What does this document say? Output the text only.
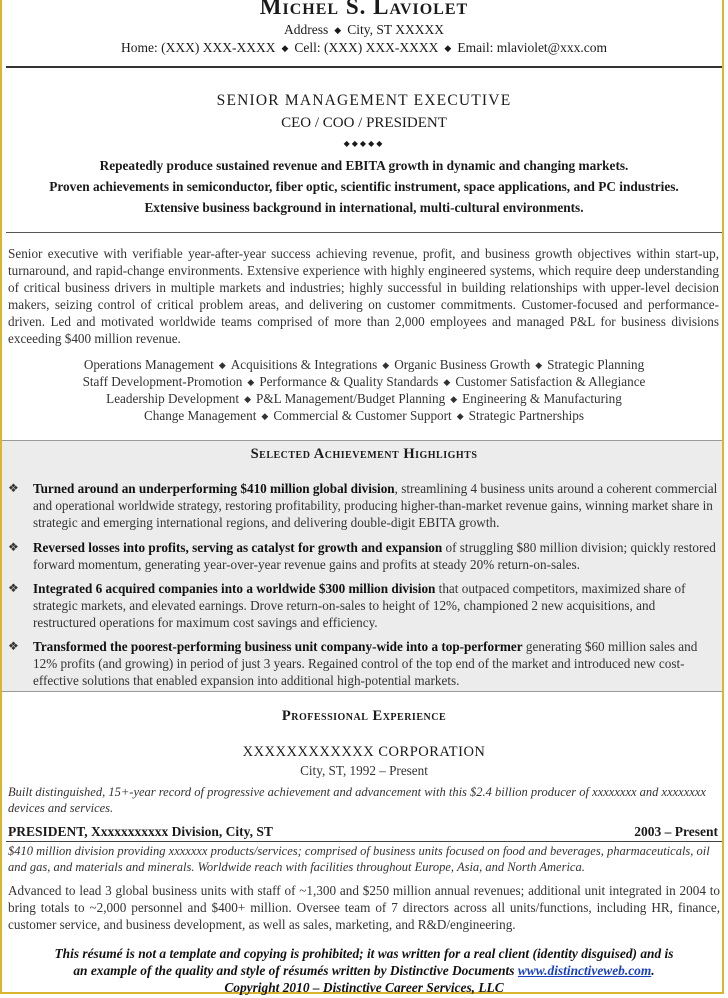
Michel S. Laviolet
Address ◆ City, ST XXXXX
Home: (XXX) XXX-XXXX ◆ Cell: (XXX) XXX-XXXX ◆ Email: mlaviolet@xxx.com
SENIOR MANAGEMENT EXECUTIVE
CEO / COO / PRESIDENT
◆◆◆◆◆
Repeatedly produce sustained revenue and EBITA growth in dynamic and changing markets.
Proven achievements in semiconductor, fiber optic, scientific instrument, space applications, and PC industries.
Extensive business background in international, multi-cultural environments.
Senior executive with verifiable year-after-year success achieving revenue, profit, and business growth objectives within start-up, turnaround, and rapid-change environments. Extensive experience with highly engineered systems, which require deep understanding of critical business drivers in multiple markets and industries; highly successful in building relationships with upper-level decision makers, seizing control of critical problem areas, and delivering on customer commitments. Customer-focused and performance-driven. Led and motivated worldwide teams comprised of more than 2,000 employees and managed P&L for business divisions exceeding $400 million revenue.
Operations Management ◆ Acquisitions & Integrations ◆ Organic Business Growth ◆ Strategic Planning
Staff Development-Promotion ◆ Performance & Quality Standards ◆ Customer Satisfaction & Allegiance
Leadership Development ◆ P&L Management/Budget Planning ◆ Engineering & Manufacturing
Change Management ◆ Commercial & Customer Support ◆ Strategic Partnerships
Selected Achievement Highlights
❖ Turned around an underperforming $410 million global division, streamlining 4 business units around a coherent commercial and operational worldwide strategy, restoring profitability, producing higher-than-market revenue gains, winning market share in strategic and emerging international regions, and delivering double-digit EBITA growth.
❖ Reversed losses into profits, serving as catalyst for growth and expansion of struggling $80 million division; quickly restored forward momentum, generating year-over-year revenue gains and profits at steady 20% return-on-sales.
❖ Integrated 6 acquired companies into a worldwide $300 million division that outpaced competitors, maximized share of strategic markets, and elevated earnings. Drove return-on-sales to height of 12%, championed 2 new acquisitions, and restructured operations for maximum cost savings and efficiency.
❖ Transformed the poorest-performing business unit company-wide into a top-performer generating $60 million sales and 12% profits (and growing) in period of just 3 years. Regained control of the top end of the market and introduced new cost-effective solutions that enabled expansion into additional high-potential markets.
Professional Experience
XXXXXXXXXXXX CORPORATION
City, ST, 1992 – Present
Built distinguished, 15+-year record of progressive achievement and advancement with this $2.4 billion producer of xxxxxxxx and xxxxxxxx devices and services.
PRESIDENT, Xxxxxxxxxxx Division, City, ST	2003 – Present
$410 million division providing xxxxxxx products/services; comprised of business units focused on food and beverages, pharmaceuticals, oil and gas, and materials and minerals. Worldwide reach with facilities throughout Europe, Asia, and North America.
Advanced to lead 3 global business units with staff of ~1,300 and $250 million annual revenues; additional unit integrated in 2004 to bring totals to ~2,000 personnel and $400+ million. Oversee team of 7 directors across all units/functions, including HR, finance, customer service, and business development, as well as sales, marketing, and R&D/engineering.
This résumé is not a template and copying is prohibited; it was written for a real client (identity disguised) and is
an example of the quality and style of résumés written by Distinctive Documents www.distinctiveweb.com.
Copyright 2010 – Distinctive Career Services, LLC
